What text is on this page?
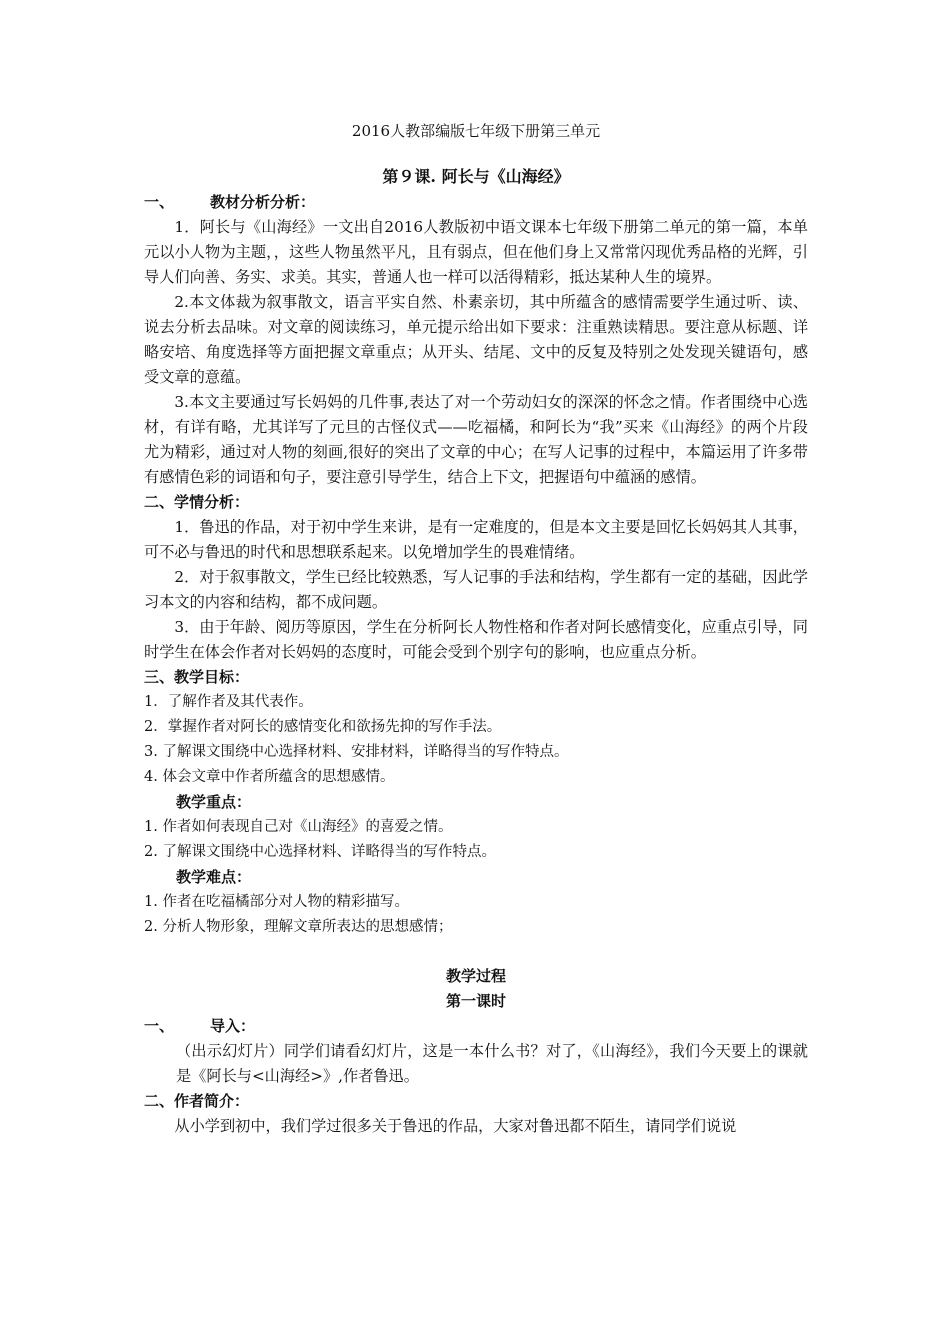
2016人教部编版七年级下册第三单元
第９课. 阿长与《山海经》
一、 教材分析分析：
1．阿长与《山海经》一文出自2016人教版初中语文课本七年级下册第二单元的第一篇，本单元以小人物为主题，，这些人物虽然平凡，且有弱点，但在他们身上又常常闪现优秀品格的光辉，引导人们向善、务实、求美。其实，普通人也一样可以活得精彩，抵达某种人生的境界。
2.本文体裁为叙事散文，语言平实自然、朴素亲切，其中所蕴含的感情需要学生通过听、读、说去分析去品味。对文章的阅读练习，单元提示给出如下要求：注重熟读精思。要注意从标题、详略安培、角度选择等方面把握文章重点；从开头、结尾、文中的反复及特别之处发现关键语句，感受文章的意蕴。
3.本文主要通过写长妈妈的几件事,表达了对一个劳动妇女的深深的怀念之情。作者围绕中心选材，有详有略，尤其详写了元旦的古怪仪式——吃福橘，和阿长为“我”买来《山海经》的两个片段尤为精彩，通过对人物的刻画,很好的突出了文章的中心；在写人记事的过程中，本篇运用了许多带有感情色彩的词语和句子，要注意引导学生，结合上下文，把握语句中蕴涵的感情。
二、学情分析：
1．鲁迅的作品，对于初中学生来讲，是有一定难度的，但是本文主要是回忆长妈妈其人其事，可不必与鲁迅的时代和思想联系起来。以免增加学生的畏难情绪。
2．对于叙事散文，学生已经比较熟悉，写人记事的手法和结构，学生都有一定的基础，因此学习本文的内容和结构，都不成问题。
3．由于年龄、阅历等原因，学生在分析阿长人物性格和作者对阿长感情变化，应重点引导，同时学生在体会作者对长妈妈的态度时，可能会受到个别字句的影响，也应重点分析。
三、教学目标：
1．了解作者及其代表作。
2．掌握作者对阿长的感情变化和欲扬先抑的写作手法。
3. 了解课文围绕中心选择材料、安排材料，详略得当的写作特点。
4. 体会文章中作者所蕴含的思想感情。
教学重点：
1. 作者如何表现自己对《山海经》的喜爱之情。
2. 了解课文围绕中心选择材料、详略得当的写作特点。
教学难点：
1. 作者在吃福橘部分对人物的精彩描写。
2. 分析人物形象，理解文章所表达的思想感情；
教学过程
第一课时
一、 导入：
（出示幻灯片）同学们请看幻灯片，这是一本什么书？对了，《山海经》，我们今天要上的课就是《阿长与<山海经>》,作者鲁迅。
二、作者简介：
从小学到初中，我们学过很多关于鲁迅的作品，大家对鲁迅都不陌生，请同学们说说
